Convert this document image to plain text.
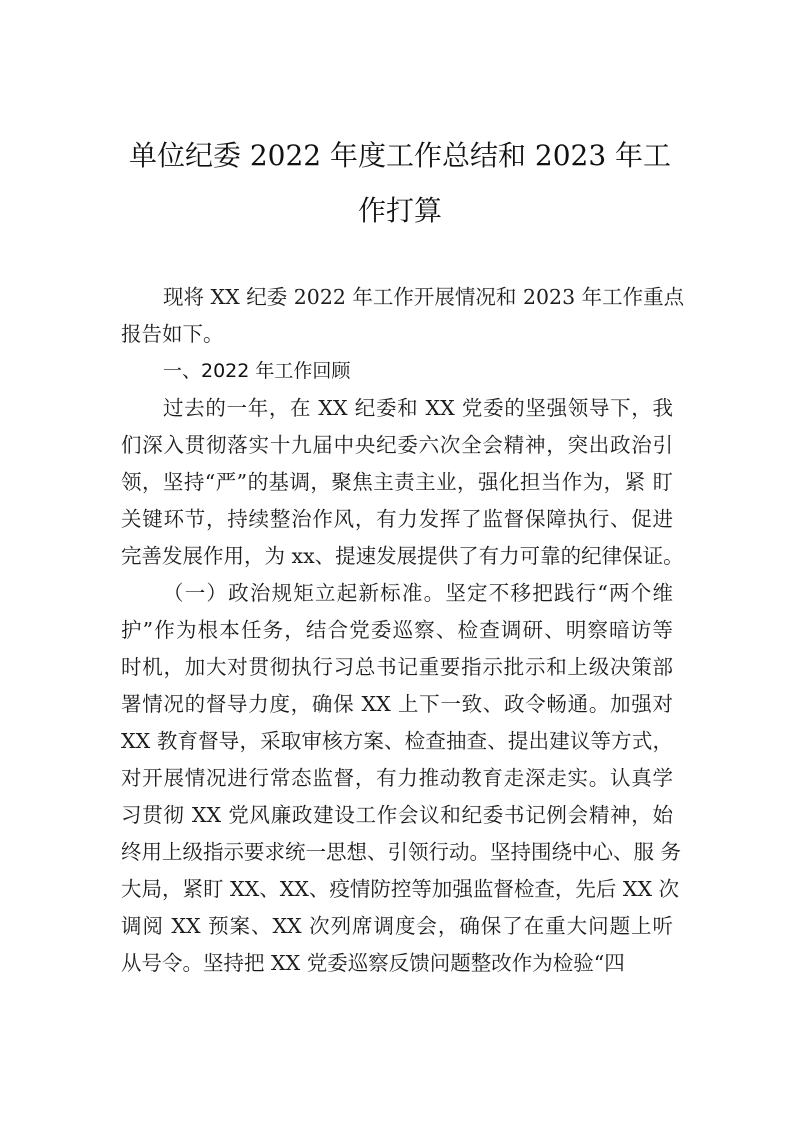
单位纪委 2022 年度工作总结和 2023 年工
作打算
现将 XX 纪委 2022 年工作开展情况和 2023 年工作重点
报告如下。
一、2022 年工作回顾
过去的一年，在 XX 纪委和 XX 党委的坚强领导下，我
们深入贯彻落实十九届中央纪委六次全会精神，突出政治引
领，坚持“严”的基调，聚焦主责主业，强化担当作为，紧 盯
关键环节，持续整治作风，有力发挥了监督保障执行、促进
完善发展作用，为 xx、提速发展提供了有力可靠的纪律保证。
（一）政治规矩立起新标准。坚定不移把践行“两个维
护”作为根本任务，结合党委巡察、检查调研、明察暗访等
时机，加大对贯彻执行习总书记重要指示批示和上级决策部
署情况的督导力度，确保 XX 上下一致、政令畅通。加强对
XX 教育督导，采取审核方案、检查抽查、提出建议等方式，
对开展情况进行常态监督，有力推动教育走深走实。认真学
习贯彻 XX 党风廉政建设工作会议和纪委书记例会精神，始
终用上级指示要求统一思想、引领行动。坚持围绕中心、服 务
大局，紧盯 XX、XX、疫情防控等加强监督检查，先后 XX 次
调阅 XX 预案、XX 次列席调度会，确保了在重大问题上听
从号令。坚持把 XX 党委巡察反馈问题整改作为检验“四
